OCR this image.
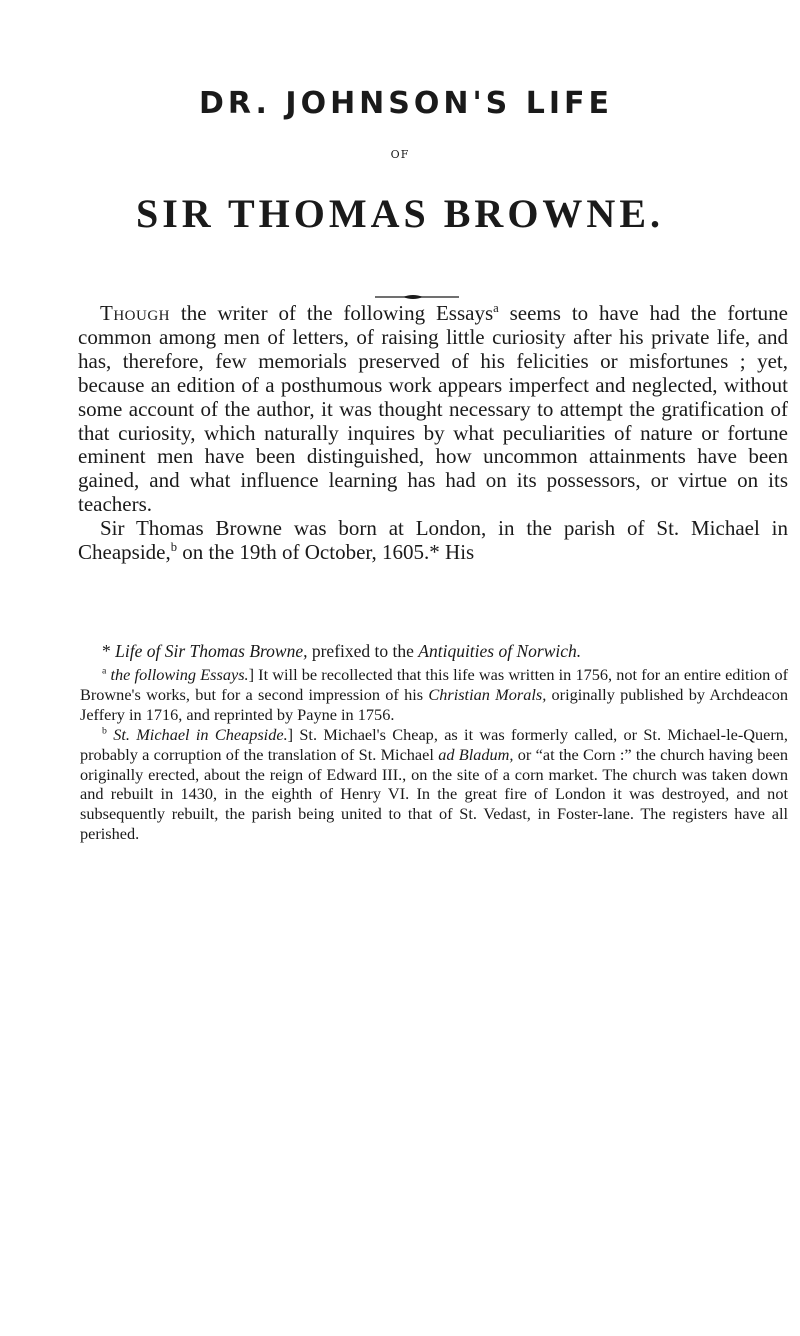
DR. JOHNSON'S LIFE
OF
SIR THOMAS BROWNE.

Though the writer of the following Essays$^a$ seems to have had the fortune common among men of letters, of raising little curiosity after his private life, and has, therefore, few memorials preserved of his felicities or misfortunes ; yet, because an edition of a posthumous work appears imperfect and neglected, without some account of the author, it was thought necessary to attempt the gratification of that curiosity, which naturally inquires by what peculiarities of nature or fortune eminent men have been distinguished, how uncommon attainments have been gained, and what influence learning has had on its possessors, or virtue on its teachers.

Sir Thomas Browne was born at London, in the parish of St. Michael in Cheapside,$^b$ on the 19th of October, 1605.* His

* Life of Sir Thomas Browne, prefixed to the Antiquities of Norwich.

$^a$ the following Essays.] It will be recollected that this life was written in 1756, not for an entire edition of Browne's works, but for a second impression of his Christian Morals, originally published by Archdeacon Jeffery in 1716, and reprinted by Payne in 1756.

$^b$ St. Michael in Cheapside.] St. Michael's Cheap, as it was formerly called, or St. Michael-le-Quern, probably a corruption of the translation of St. Michael ad Bladum, or “at the Corn :” the church having been originally erected, about the reign of Edward III., on the site of a corn market. The church was taken down and rebuilt in 1430, in the eighth of Henry VI. In the great fire of London it was destroyed, and not subsequently rebuilt, the parish being united to that of St. Vedast, in Foster-lane. The registers have all perished.
